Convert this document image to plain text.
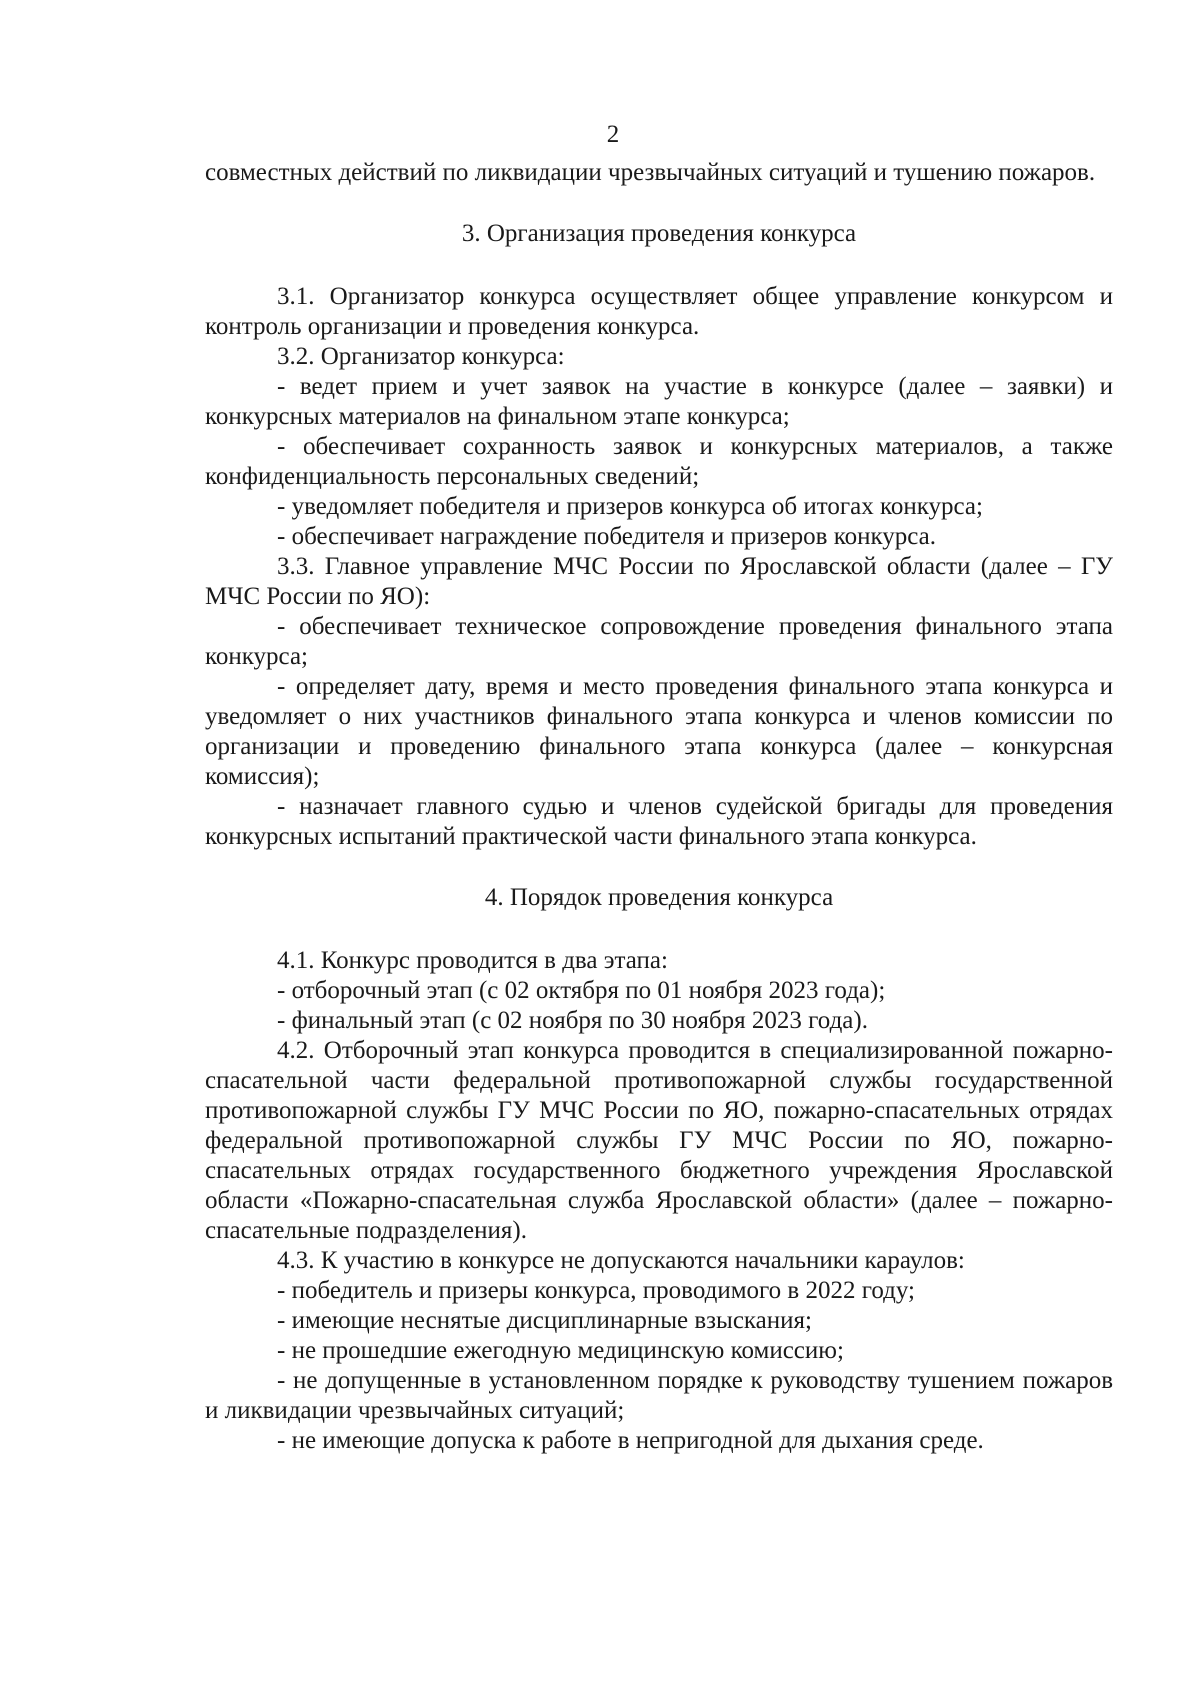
2

совместных действий по ликвидации чрезвычайных ситуаций и тушению пожаров.

3. Организация проведения конкурса

3.1. Организатор конкурса осуществляет общее управление конкурсом и контроль организации и проведения конкурса.

3.2. Организатор конкурса:

- ведет прием и учет заявок на участие в конкурсе (далее – заявки) и конкурсных материалов на финальном этапе конкурса;

- обеспечивает сохранность заявок и конкурсных материалов, а также конфиденциальность персональных сведений;

- уведомляет победителя и призеров конкурса об итогах конкурса;

- обеспечивает награждение победителя и призеров конкурса.

3.3. Главное управление МЧС России по Ярославской области (далее – ГУ МЧС России по ЯО):

- обеспечивает техническое сопровождение проведения финального этапа конкурса;

- определяет дату, время и место проведения финального этапа конкурса и уведомляет о них участников финального этапа конкурса и членов комиссии по организации и проведению финального этапа конкурса (далее – конкурсная комиссия);

- назначает главного судью и членов судейской бригады для проведения конкурсных испытаний практической части финального этапа конкурса.

4. Порядок проведения конкурса

4.1. Конкурс проводится в два этапа:

- отборочный этап (с 02 октября по 01 ноября 2023 года);

- финальный этап (с 02 ноября по 30 ноября 2023 года).

4.2. Отборочный этап конкурса проводится в специализированной пожарно-спасательной части федеральной противопожарной службы государственной противопожарной службы ГУ МЧС России по ЯО, пожарно-спасательных отрядах федеральной противопожарной службы ГУ МЧС России по ЯО, пожарно-спасательных отрядах государственного бюджетного учреждения Ярославской области «Пожарно-спасательная служба Ярославской области» (далее – пожарно-спасательные подразделения).

4.3. К участию в конкурсе не допускаются начальники караулов:

- победитель и призеры конкурса, проводимого в 2022 году;

- имеющие неснятые дисциплинарные взыскания;

- не прошедшие ежегодную медицинскую комиссию;

- не допущенные в установленном порядке к руководству тушением пожаров и ликвидации чрезвычайных ситуаций;

- не имеющие допуска к работе в непригодной для дыхания среде.
